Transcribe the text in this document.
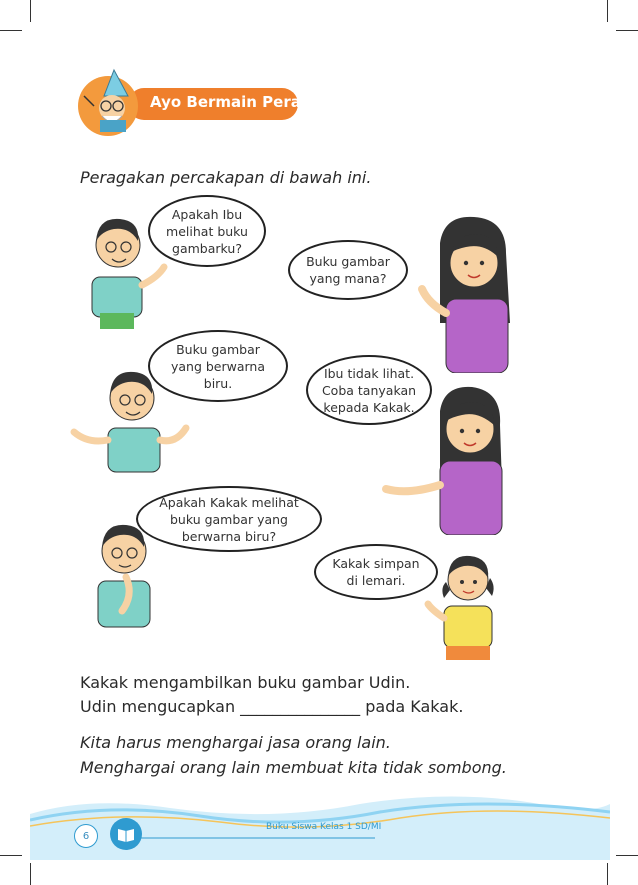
Ayo Bermain Peran
Peragakan percakapan di bawah ini.
Apakah Ibu
melihat buku
gambarku?
Buku gambar
yang mana?
Buku gambar
yang berwarna
biru.
Ibu tidak lihat.
Coba tanyakan
kepada Kakak.
Apakah Kakak melihat
buku gambar yang
berwarna biru?
Kakak simpan
di lemari.
Kakak mengambilkan buku gambar Udin.
Udin mengucapkan _______________ pada Kakak.
Kita harus menghargai jasa orang lain.
Menghargai orang lain membuat kita tidak sombong.
6
Buku Siswa Kelas 1 SD/MI
